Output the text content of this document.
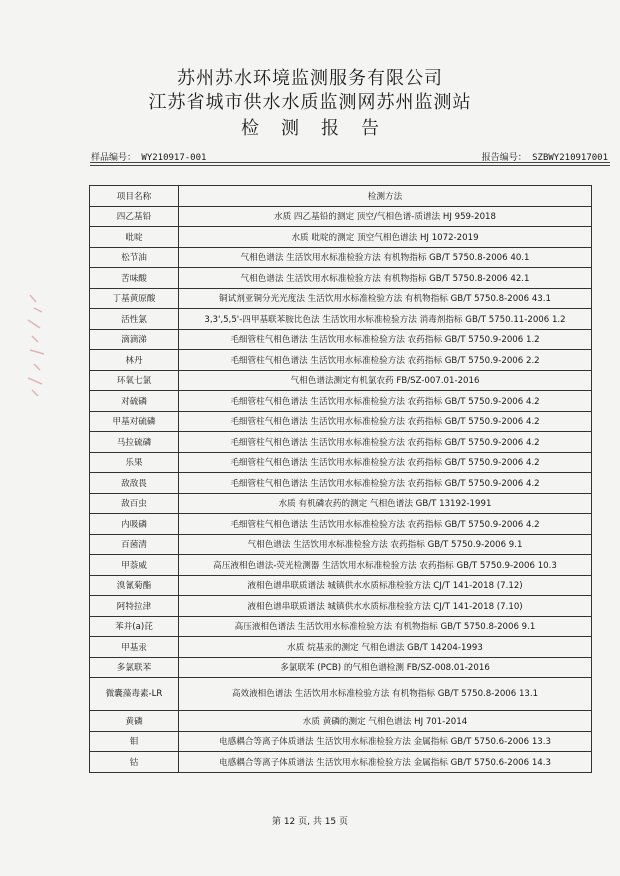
苏州苏水环境监测服务有限公司
江苏省城市供水水质监测网苏州监测站
检测报告
样品编号： WY210917-001	报告编号： SZBWY210917001
项目名称	检测方法
四乙基铅	水质 四乙基铅的测定 顶空/气相色谱-质谱法 HJ 959-2018
吡啶	水质 吡啶的测定 顶空气相色谱法 HJ 1072-2019
松节油	气相色谱法 生活饮用水标准检验方法 有机物指标 GB/T 5750.8-2006 40.1
苦味酸	气相色谱法 生活饮用水标准检验方法 有机物指标 GB/T 5750.8-2006 42.1
丁基黄原酸	铜试剂亚铜分光光度法 生活饮用水标准检验方法 有机物指标 GB/T 5750.8-2006 43.1
活性氯	3,3',5,5'-四甲基联苯胺比色法 生活饮用水标准检验方法 消毒剂指标 GB/T 5750.11-2006 1.2
滴滴涕	毛细管柱气相色谱法 生活饮用水标准检验方法 农药指标 GB/T 5750.9-2006 1.2
林丹	毛细管柱气相色谱法 生活饮用水标准检验方法 农药指标 GB/T 5750.9-2006 2.2
环氧七氯	气相色谱法测定有机氯农药 FB/SZ-007.01-2016
对硫磷	毛细管柱气相色谱法 生活饮用水标准检验方法 农药指标 GB/T 5750.9-2006 4.2
甲基对硫磷	毛细管柱气相色谱法 生活饮用水标准检验方法 农药指标 GB/T 5750.9-2006 4.2
马拉硫磷	毛细管柱气相色谱法 生活饮用水标准检验方法 农药指标 GB/T 5750.9-2006 4.2
乐果	毛细管柱气相色谱法 生活饮用水标准检验方法 农药指标 GB/T 5750.9-2006 4.2
敌敌畏	毛细管柱气相色谱法 生活饮用水标准检验方法 农药指标 GB/T 5750.9-2006 4.2
敌百虫	水质 有机磷农药的测定 气相色谱法 GB/T 13192-1991
内吸磷	毛细管柱气相色谱法 生活饮用水标准检验方法 农药指标 GB/T 5750.9-2006 4.2
百菌清	气相色谱法 生活饮用水标准检验方法 农药指标 GB/T 5750.9-2006 9.1
甲萘威	高压液相色谱法-荧光检测器 生活饮用水标准检验方法 农药指标 GB/T 5750.9-2006 10.3
溴氰菊酯	液相色谱串联质谱法 城镇供水水质标准检验方法 CJ/T 141-2018 (7.12)
阿特拉津	液相色谱串联质谱法 城镇供水水质标准检验方法 CJ/T 141-2018 (7.10)
苯并(a)芘	高压液相色谱法 生活饮用水标准检验方法 有机物指标 GB/T 5750.8-2006 9.1
甲基汞	水质 烷基汞的测定 气相色谱法 GB/T 14204-1993
多氯联苯	多氯联苯 (PCB) 的气相色谱检测 FB/SZ-008.01-2016
微囊藻毒素-LR	高效液相色谱法 生活饮用水标准检验方法 有机物指标 GB/T 5750.8-2006 13.1
黄磷	水质 黄磷的测定 气相色谱法 HJ 701-2014
钼	电感耦合等离子体质谱法 生活饮用水标准检验方法 金属指标 GB/T 5750.6-2006 13.3
钴	电感耦合等离子体质谱法 生活饮用水标准检验方法 金属指标 GB/T 5750.6-2006 14.3
第 12 页, 共 15 页
